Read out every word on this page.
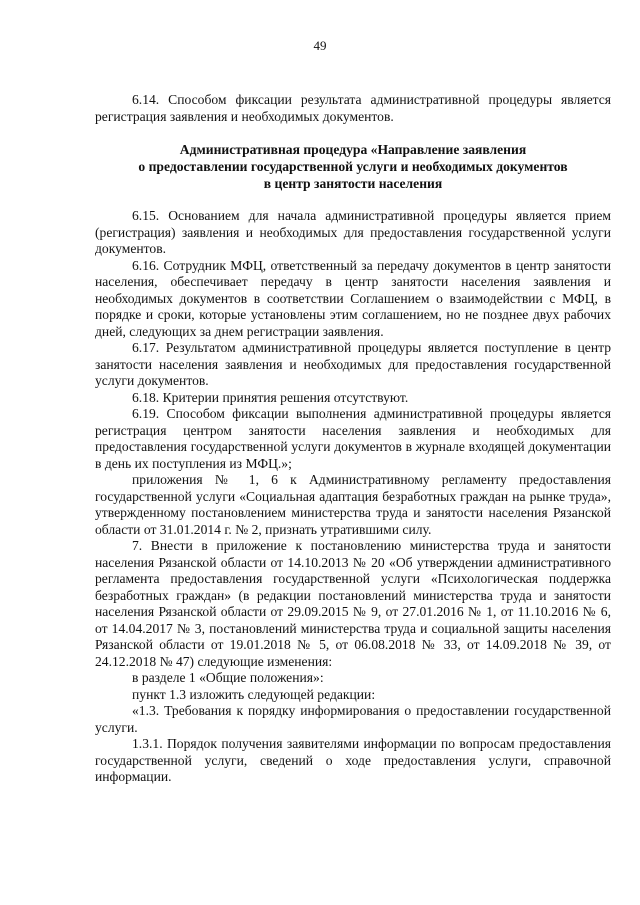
49

6.14. Способом фиксации результата административной процедуры является регистрация заявления и необходимых документов.

Административная процедура «Направление заявления
о предоставлении государственной услуги и необходимых документов
в центр занятости населения

6.15. Основанием для начала административной процедуры является прием (регистрация) заявления и необходимых для предоставления государственной услуги документов.

6.16. Сотрудник МФЦ, ответственный за передачу документов в центр занятости населения, обеспечивает передачу в центр занятости населения заявления и необходимых документов в соответствии Соглашением о взаимодействии с МФЦ, в порядке и сроки, которые установлены этим соглашением, но не позднее двух рабочих дней, следующих за днем регистрации заявления.

6.17. Результатом административной процедуры является поступление в центр занятости населения заявления и необходимых для предоставления государственной услуги документов.

6.18. Критерии принятия решения отсутствуют.

6.19. Способом фиксации выполнения административной процедуры является регистрация центром занятости населения заявления и необходимых для предоставления государственной услуги документов в журнале входящей документации в день их поступления из МФЦ.»;

приложения № 1, 6 к Административному регламенту предоставления государственной услуги «Социальная адаптация безработных граждан на рынке труда», утвержденному постановлением министерства труда и занятости населения Рязанской области от 31.01.2014 г. № 2, признать утратившими силу.

7. Внести в приложение к постановлению министерства труда и занятости населения Рязанской области от 14.10.2013 № 20 «Об утверждении административного регламента предоставления государственной услуги «Психологическая поддержка безработных граждан» (в редакции постановлений министерства труда и занятости населения Рязанской области от 29.09.2015 № 9, от 27.01.2016 № 1, от 11.10.2016 № 6, от 14.04.2017 № 3, постановлений министерства труда и социальной защиты населения Рязанской области от 19.01.2018 № 5, от 06.08.2018 № 33, от 14.09.2018 № 39, от 24.12.2018 № 47) следующие изменения:

в разделе 1 «Общие положения»:

пункт 1.3 изложить следующей редакции:

«1.3. Требования к порядку информирования о предоставлении государственной услуги.

1.3.1. Порядок получения заявителями информации по вопросам предоставления государственной услуги, сведений о ходе предоставления услуги, справочной информации.
